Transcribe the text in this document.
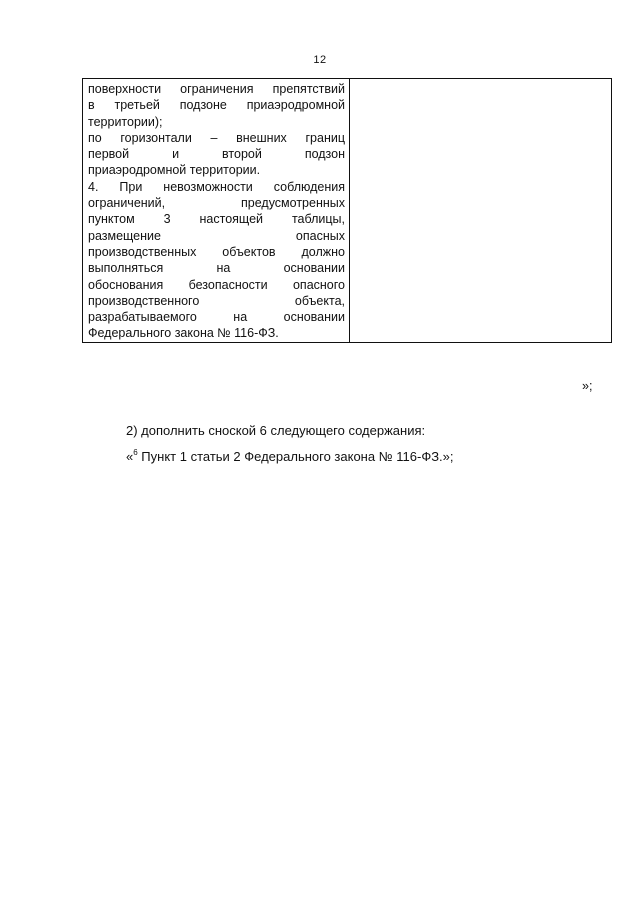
12
поверхности ограничения препятствий
в третьей подзоне приаэродромной
территории);
по горизонтали – внешних границ
первой и второй подзон
приаэродромной территории.
4. При невозможности соблюдения
ограничений, предусмотренных
пунктом 3 настоящей таблицы,
размещение опасных
производственных объектов должно
выполняться на основании
обоснования безопасности опасного
производственного объекта,
разрабатываемого на основании
Федерального закона № 116-ФЗ.

»;
2) дополнить сноской 6 следующего содержания:
«$^6$ Пункт 1 статьи 2 Федерального закона № 116-ФЗ.»;
